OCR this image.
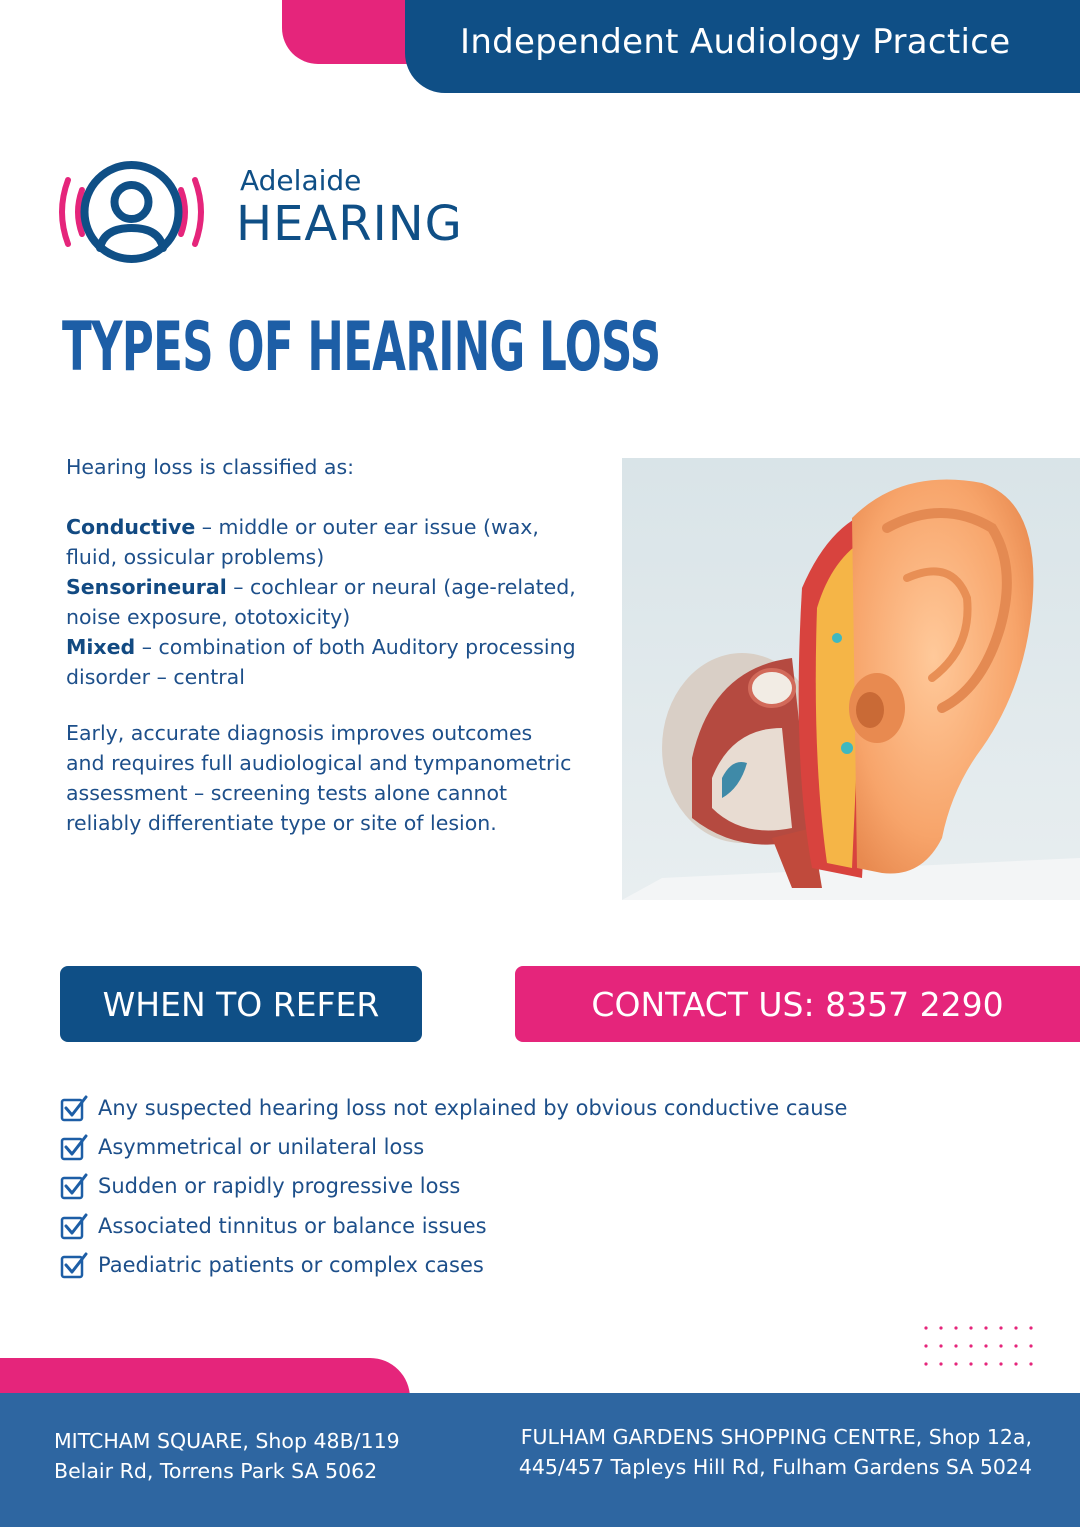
Independent Audiology Practice
Adelaide
HEARING
TYPES OF HEARING LOSS

Hearing loss is classified as:

Conductive – middle or outer ear issue (wax, fluid, ossicular problems)

Sensorineural – cochlear or neural (age-related, noise exposure, ototoxicity)

Mixed – combination of both Auditory processing disorder – central

Early, accurate diagnosis improves outcomes and requires full audiological and tympanometric assessment – screening tests alone cannot reliably differentiate type or site of lesion.

WHEN TO REFER	CONTACT US: 8357 2290
Any suspected hearing loss not explained by obvious conductive cause
Asymmetrical or unilateral loss
Sudden or rapidly progressive loss
Associated tinnitus or balance issues
Paediatric patients or complex cases
MITCHAM SQUARE, Shop 48B/119
Belair Rd, Torrens Park SA 5062
FULHAM GARDENS SHOPPING CENTRE, Shop 12a,
445/457 Tapleys Hill Rd, Fulham Gardens SA 5024
